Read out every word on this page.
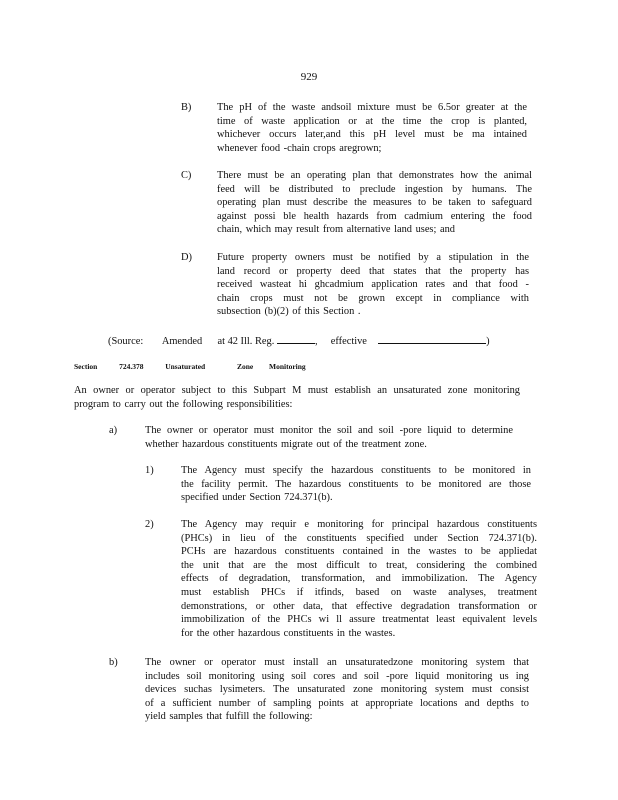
929
B) The pH of the waste andsoil mixture must be 6.5or greater at the
time of waste application or at the time the crop is planted,
whichever occurs later,and this pH level must be ma intained
whenever food -chain crops aregrown;
C) There must be an operating plan that demonstrates how the animal
feed will be distributed to preclude ingestion by humans. The
operating plan must describe the measures to be taken to safeguard
against possi ble health hazards from cadmium entering the food
chain, which may result from alternative land uses; and
D) Future property owners must be notified by a stipulation in the
land record or property deed that states that the property has
received wasteat hi ghcadmium application rates and that food -
chain crops must not be grown except in compliance with
subsection (b)(2) of this Section .
(Source: Amended at 42 Ill. Reg.	, effective	)
Section	724.378	Unsaturated	Zone Monitoring
An owner or operator subject to this Subpart M must establish an unsaturated zone monitoring
program to carry out the following responsibilities:
a)	The owner or operator must monitor the soil and soil -pore liquid to determine
whether hazardous constituents migrate out of the treatment zone.
1)	The Agency must specify the hazardous constituents to be monitored in
the facility permit. The hazardous constituents to be monitored are those
specified under Section 724.371(b).
2)	The Agency may requir e monitoring for principal hazardous constituents
(PHCs) in lieu of the constituents specified under Section 724.371(b).
PCHs are hazardous constituents contained in the wastes to be appliedat
the unit that are the most difficult to treat, considering the combined
effects of degradation, transformation, and immobilization. The Agency
must establish PHCs if itfinds, based on waste analyses, treatment
demonstrations, or other data, that effective degradation transformation or
immobilization of the PHCs wi ll assure treatmentat least equivalent levels
for the other hazardous constituents in the wastes.
b)	The owner or operator must install an unsaturatedzone monitoring system that
includes soil monitoring using soil cores and soil -pore liquid monitoring us ing
devices suchas lysimeters. The unsaturated zone monitoring system must consist
of a sufficient number of sampling points at appropriate locations and depths to
yield samples that fulfill the following:
